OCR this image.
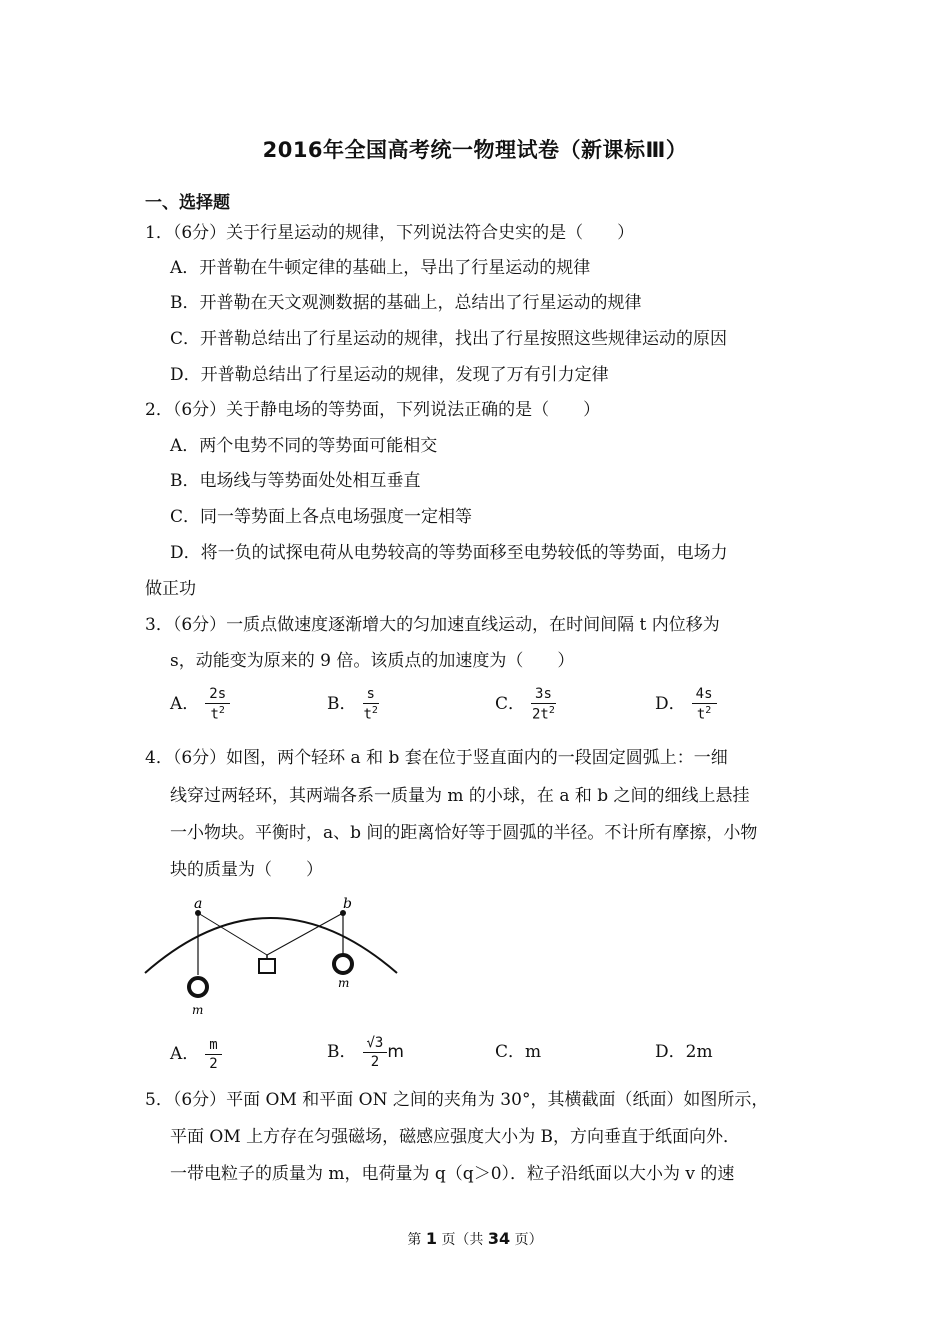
2016年全国高考统一物理试卷（新课标Ⅲ）
一、选择题
1．（6分）关于行星运动的规律，下列说法符合史实的是（　　）
A．开普勒在牛顿定律的基础上，导出了行星运动的规律
B．开普勒在天文观测数据的基础上，总结出了行星运动的规律
C．开普勒总结出了行星运动的规律，找出了行星按照这些规律运动的原因
D．开普勒总结出了行星运动的规律，发现了万有引力定律
2．（6分）关于静电场的等势面，下列说法正确的是（　　）
A．两个电势不同的等势面可能相交
B．电场线与等势面处处相互垂直
C．同一等势面上各点电场强度一定相等
D．将一负的试探电荷从电势较高的等势面移至电势较低的等势面，电场力
做正功
3．（6分）一质点做速度逐渐增大的匀加速直线运动，在时间间隔 t 内位移为
s，动能变为原来的 9 倍。该质点的加速度为（　　）
A． $\frac{2s}{t^2}$	B． $\frac{s}{t^2}$	C． $\frac{3s}{2t^2}$	D． $\frac{4s}{t^2}$
4．（6分）如图，两个轻环 a 和 b 套在位于竖直面内的一段固定圆弧上：一细
线穿过两轻环，其两端各系一质量为 m 的小球，在 a 和 b 之间的细线上悬挂
一小物块。平衡时，a、b 间的距离恰好等于圆弧的半径。不计所有摩擦，小物
块的质量为（　　）
a	b
m
m
A． $\frac{m}{2}$	B． $\frac{√3}{2}$ m	C．m	D．2m
5．（6分）平面 OM 和平面 ON 之间的夹角为 30°，其横截面（纸面）如图所示，
平面 OM 上方存在匀强磁场，磁感应强度大小为 B，方向垂直于纸面向外．
一带电粒子的质量为 m，电荷量为 q（q＞0）．粒子沿纸面以大小为 v 的速
第 1 页（共 34 页）
